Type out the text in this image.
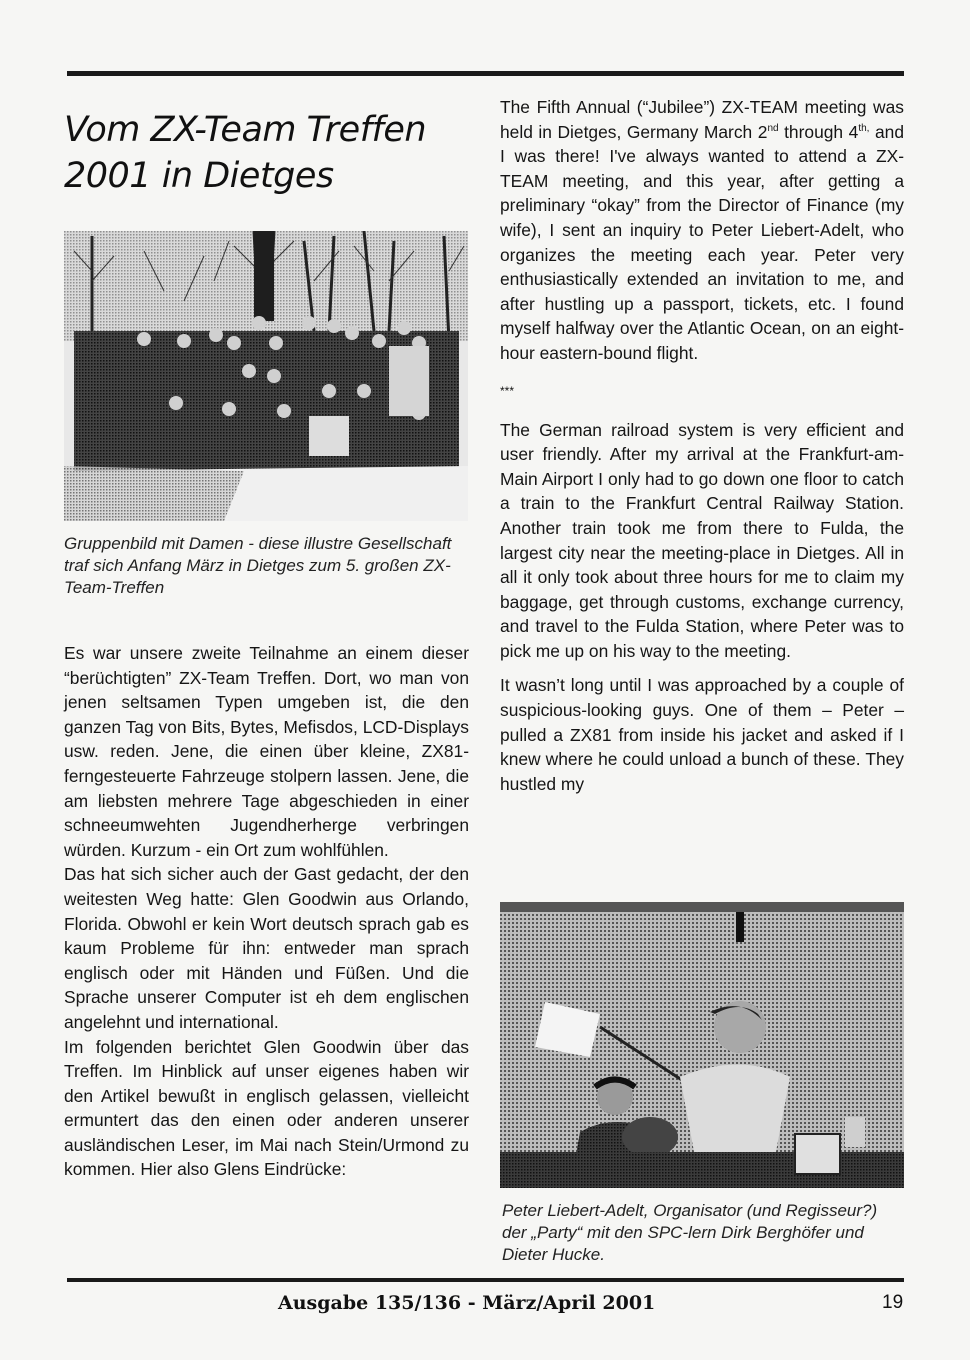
Vom ZX-Team Treffen
2001 in Dietges

Gruppenbild mit Damen - diese illustre Gesellschaft traf sich Anfang März in Dietges zum 5. großen ZX-Team-Treffen

Es war unsere zweite Teilnahme an einem dieser “berüchtigten” ZX-Team Treffen. Dort, wo man von jenen seltsamen Typen umgeben ist, die den ganzen Tag von Bits, Bytes, Mefisdos, LCD-Displays usw. reden. Jene, die einen über kleine, ZX81-ferngesteuerte Fahrzeuge stolpern lassen. Jene, die am liebsten mehrere Tage abgeschieden in einer schneeumwehten Jugendherherge verbringen würden. Kurzum - ein Ort zum wohlfühlen.

Das hat sich sicher auch der Gast gedacht, der den weitesten Weg hatte: Glen Goodwin aus Orlando, Florida. Obwohl er kein Wort deutsch sprach gab es kaum Probleme für ihn: entweder man sprach englisch oder mit Händen und Füßen. Und die Sprache unserer Computer ist eh dem englischen angelehnt und international.

Im folgenden berichtet Glen Goodwin über das Treffen. Im Hinblick auf unser eigenes haben wir den Artikel bewußt in englisch gelassen, vielleicht ermuntert das den einen oder anderen unserer ausländischen Leser, im Mai nach Stein/Urmond zu kommen. Hier also Glens Eindrücke:

The Fifth Annual (“Jubilee”) ZX-TEAM meeting was held in Dietges, Germany March 2nd through $4^{th,}$ and I was there! I've always wanted to attend a ZX-TEAM meeting, and this year, after getting a preliminary “okay” from the Director of Finance (my wife), I sent an inquiry to Peter Liebert-Adelt, who organizes the meeting each year. Peter very enthusiastically extended an invitation to me, and after hustling up a passport, tickets, etc. I found myself halfway over the Atlantic Ocean, on an eight-hour eastern-bound flight.

***

The German railroad system is very efficient and user friendly. After my arrival at the Frankfurt-am-Main Airport I only had to go down one floor to catch a train to the Frankfurt Central Railway Station. Another train took me from there to Fulda, the largest city near the meeting-place in Dietges. All in all it only took about three hours for me to claim my baggage, get through customs, exchange currency, and travel to the Fulda Station, where Peter was to pick me up on his way to the meeting.

It wasn’t long until I was approached by a couple of suspicious-looking guys. One of them – Peter – pulled a ZX81 from inside his jacket and asked if I knew where he could unload a bunch of these. They hustled my

Peter Liebert-Adelt, Organisator (und Regisseur?) der „Party“ mit den SPC-lern Dirk Berghöfer und Dieter Hucke.

Ausgabe 135/136 - März/April 2001	19
